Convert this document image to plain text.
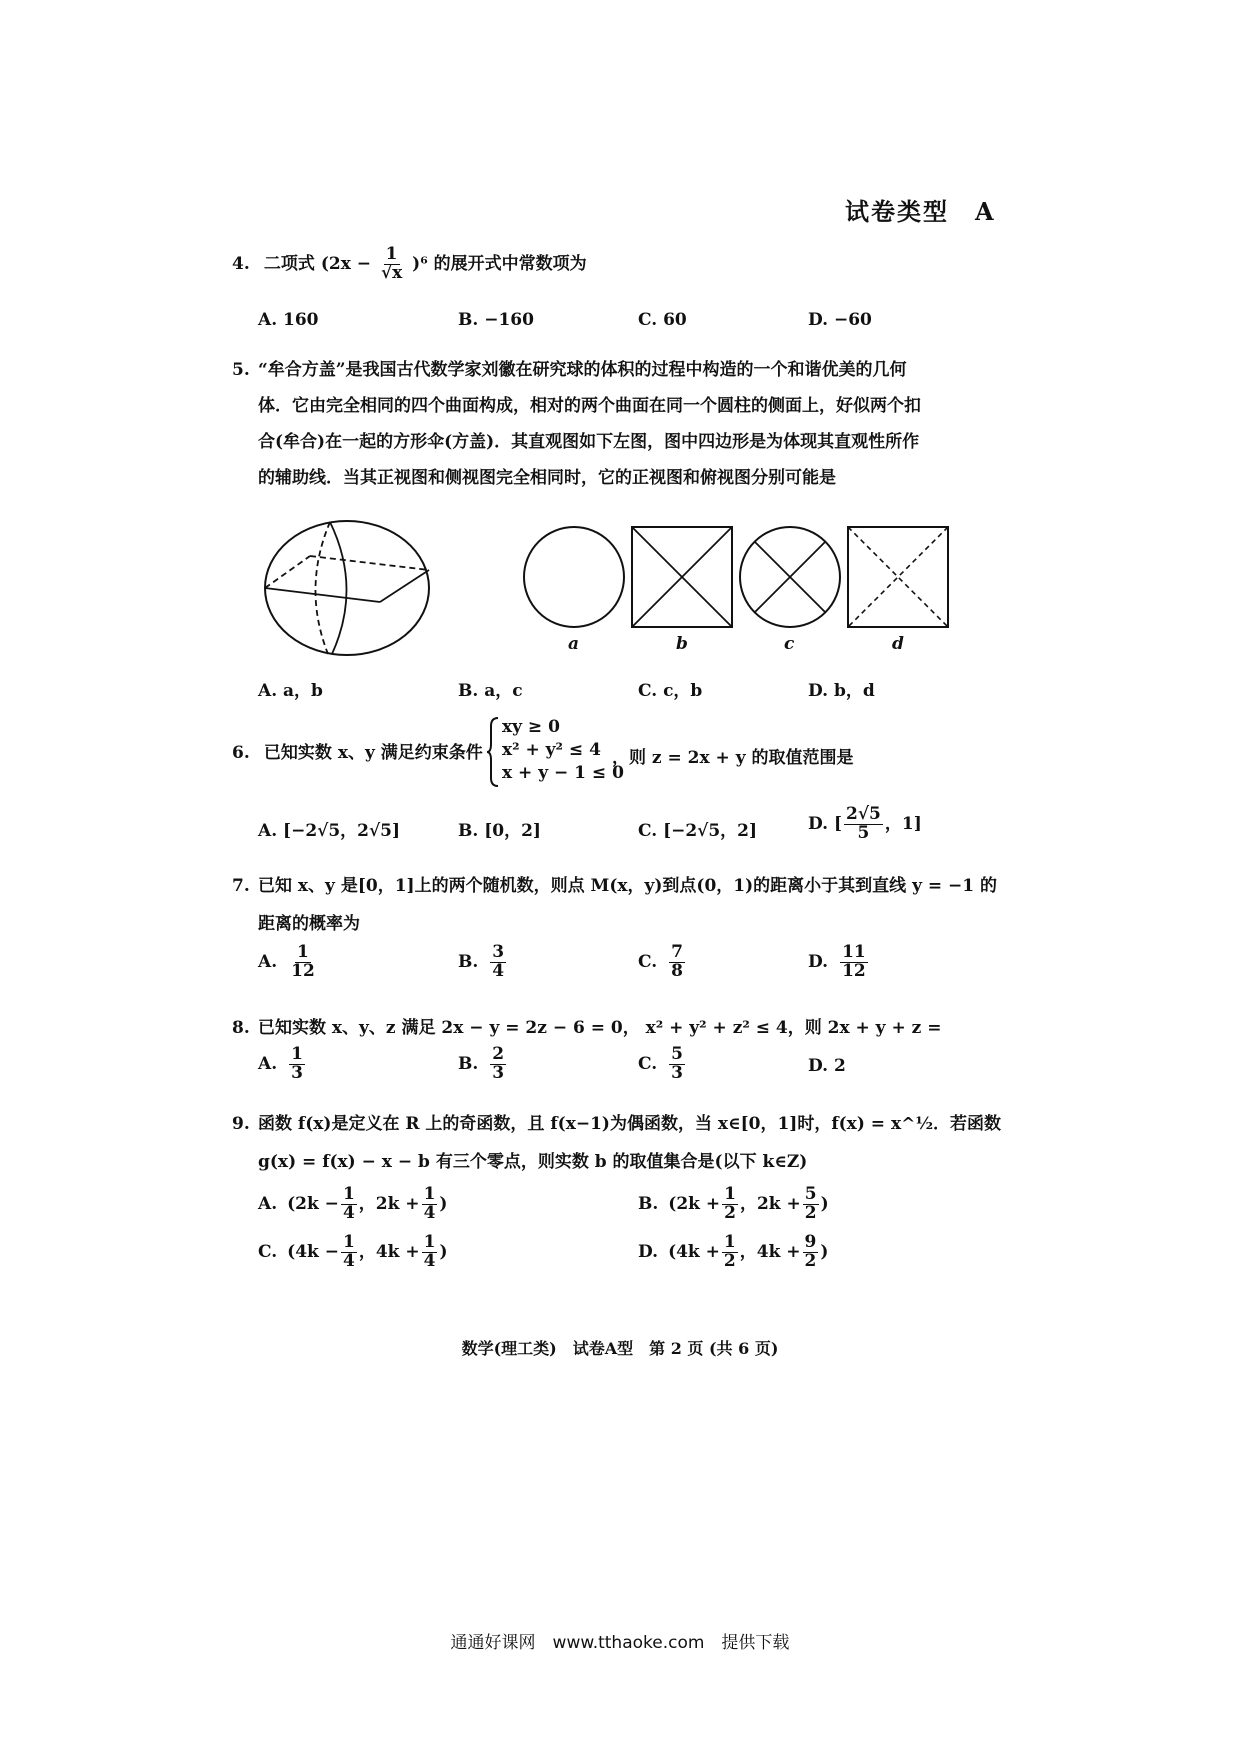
试卷类型　A
4. 二项式 $(2x - \frac{1}{√x} )^6$ 的展开式中常数项为
A. 160	B. −160	C. 60	D. −60
5. “牟合方盖”是我国古代数学家刘徽在研究球的体积的过程中构造的一个和谐优美的几何
体．它由完全相同的四个曲面构成，相对的两个曲面在同一个圆柱的侧面上，好似两个扣
合(牟合)在一起的方形伞(方盖)．其直观图如下左图，图中四边形是为体现其直观性所作
的辅助线．当其正视图和侧视图完全相同时，它的正视图和俯视图分别可能是
a	b	c	d
A. a，b	B. a，c	C. c，b	D. b，d
6. 已知实数 x、y 满足约束条件
xy ≥ 0
x² + y² ≤ 4
x + y − 1 ≤ 0
，则 z = 2x + y 的取值范围是
A. [−2√5，2√5]	B. [0，2]	C. [−2√5，2]	D. [ $\frac{2√5}{5}$ ，1]
7. 已知 x、y 是[0，1]上的两个随机数，则点 M(x，y)到点(0，1)的距离小于其到直线 y = −1 的
距离的概率为
A. $\frac{1}{12}$	B. $\frac{3}{4}$	C. $\frac{7}{8}$	D. $\frac{11}{12}$
8. 已知实数 x、y、z 满足 2x − y = 2z − 6 = 0， x² + y² + z² ≤ 4，则 2x + y + z =
A. $\frac{1}{3}$	B. $\frac{2}{3}$	C. $\frac{5}{3}$	D. 2
9. 函数 f(x)是定义在 R 上的奇函数，且 f(x−1)为偶函数，当 x∈[0，1]时，f(x) = x^½．若函数
g(x) = f(x) − x − b 有三个零点，则实数 b 的取值集合是(以下 k∈Z)
A. ($2k - \frac{1}{4}$ ，$2k + \frac{1}{4}$ )	B. ($2k + \frac{1}{2}$ ，$2k + \frac{5}{2}$ )
C. ($4k - \frac{1}{4}$ ，$4k + \frac{1}{4}$ )	D. ($4k + \frac{1}{2}$ ，$4k + \frac{9}{2}$ )
数学(理工类)　试卷A型　第 2 页 (共 6 页)
通通好课网　www.tthaoke.com　提供下载
